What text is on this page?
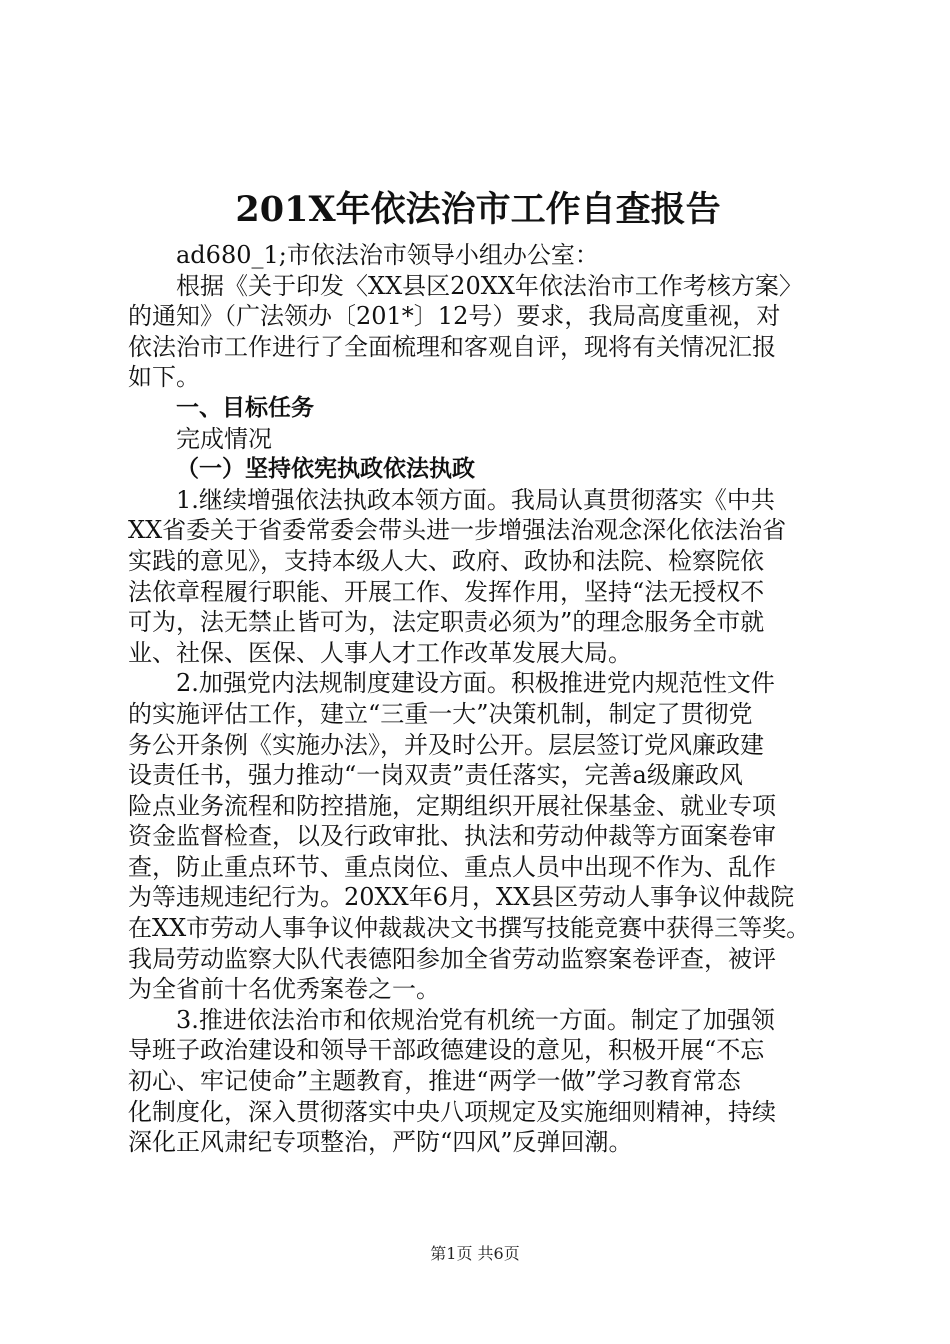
201X年依法治市工作自查报告

ad680_1;市依法治市领导小组办公室：

根据《关于印发〈XX县区20XX年依法治市工作考核方案〉

的通知》（广法领办〔201*〕12号）要求，我局高度重视，对

依法治市工作进行了全面梳理和客观自评，现将有关情况汇报

如下。

一、目标任务

完成情况

（一）坚持依宪执政依法执政

1.继续增强依法执政本领方面。我局认真贯彻落实《中共

XX省委关于省委常委会带头进一步增强法治观念深化依法治省

实践的意见》，支持本级人大、政府、政协和法院、检察院依

法依章程履行职能、开展工作、发挥作用，坚持“法无授权不

可为，法无禁止皆可为，法定职责必须为”的理念服务全市就

业、社保、医保、人事人才工作改革发展大局。

2.加强党内法规制度建设方面。积极推进党内规范性文件

的实施评估工作，建立“三重一大”决策机制，制定了贯彻党

务公开条例《实施办法》，并及时公开。层层签订党风廉政建

设责任书，强力推动“一岗双责”责任落实，完善a级廉政风

险点业务流程和防控措施，定期组织开展社保基金、就业专项

资金监督检查，以及行政审批、执法和劳动仲裁等方面案卷审

查，防止重点环节、重点岗位、重点人员中出现不作为、乱作

为等违规违纪行为。20XX年6月，XX县区劳动人事争议仲裁院

在XX市劳动人事争议仲裁裁决文书撰写技能竞赛中获得三等奖。

我局劳动监察大队代表德阳参加全省劳动监察案卷评查，被评

为全省前十名优秀案卷之一。

3.推进依法治市和依规治党有机统一方面。制定了加强领

导班子政治建设和领导干部政德建设的意见，积极开展“不忘

初心、牢记使命”主题教育，推进“两学一做”学习教育常态

化制度化，深入贯彻落实中央八项规定及实施细则精神，持续

深化正风肃纪专项整治，严防“四风”反弹回潮。

第1页 共6页
